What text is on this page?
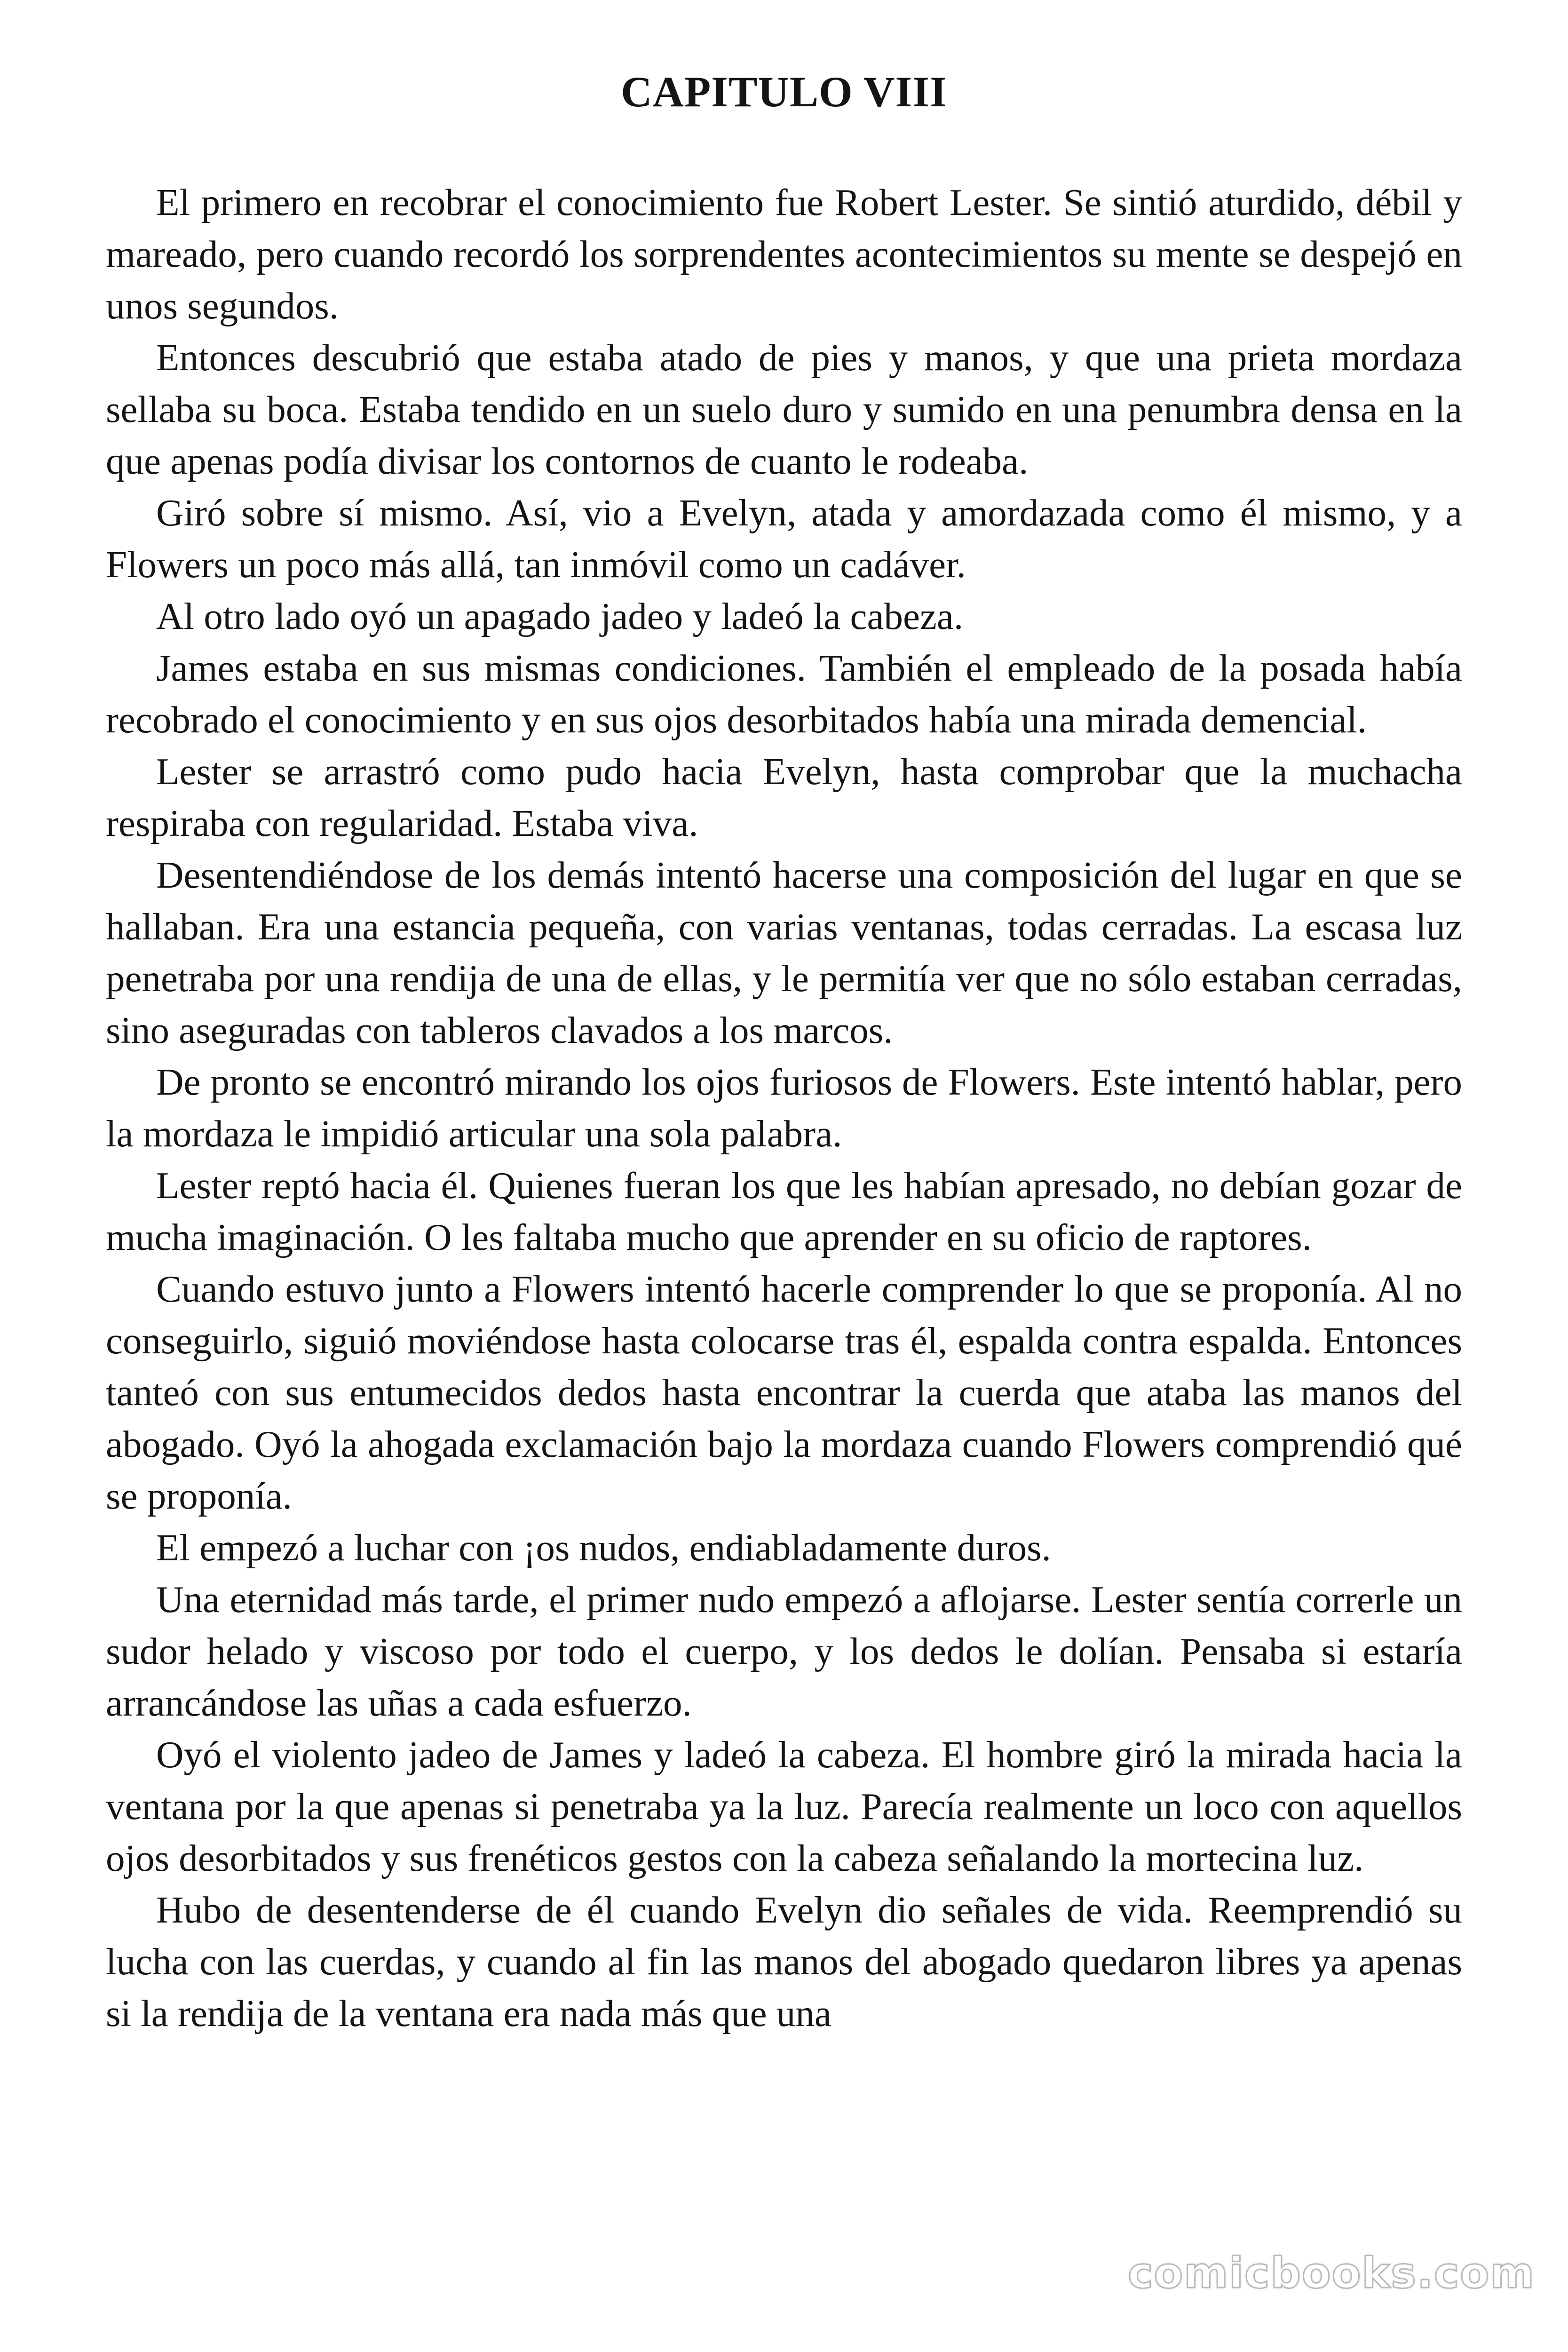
CAPITULO VIII

El primero en recobrar el conocimiento fue Robert Lester. Se sintió aturdido, débil y mareado, pero cuando recordó los sorprendentes acontecimientos su mente se despejó en unos segundos.

Entonces descubrió que estaba atado de pies y manos, y que una prieta mordaza sellaba su boca. Estaba tendido en un suelo duro y sumido en una penumbra densa en la que apenas podía divisar los contornos de cuanto le rodeaba.

Giró sobre sí mismo. Así, vio a Evelyn, atada y amordazada como él mismo, y a Flowers un poco más allá, tan inmóvil como un cadáver.

Al otro lado oyó un apagado jadeo y ladeó la cabeza.

James estaba en sus mismas condiciones. También el empleado de la posada había recobrado el conocimiento y en sus ojos desorbitados había una mirada demencial.

Lester se arrastró como pudo hacia Evelyn, hasta comprobar que la muchacha respiraba con regularidad. Estaba viva.

Desentendiéndose de los demás intentó hacerse una composición del lugar en que se hallaban. Era una estancia pequeña, con varias ventanas, todas cerradas. La escasa luz penetraba por una rendija de una de ellas, y le permitía ver que no sólo estaban cerradas, sino aseguradas con tableros clavados a los marcos.

De pronto se encontró mirando los ojos furiosos de Flowers. Este intentó hablar, pero la mordaza le impidió articular una sola palabra.

Lester reptó hacia él. Quienes fueran los que les habían apresado, no debían gozar de mucha imaginación. O les faltaba mucho que aprender en su oficio de raptores.

Cuando estuvo junto a Flowers intentó hacerle comprender lo que se proponía. Al no conseguirlo, siguió moviéndose hasta colocarse tras él, espalda contra espalda. Entonces tanteó con sus entumecidos dedos hasta encontrar la cuerda que ataba las manos del abogado. Oyó la ahogada exclamación bajo la mordaza cuando Flowers comprendió qué se proponía.

El empezó a luchar con ¡os nudos, endiabladamente duros.

Una eternidad más tarde, el primer nudo empezó a aflojarse. Lester sentía correrle un sudor helado y viscoso por todo el cuerpo, y los dedos le dolían. Pensaba si estaría arrancándose las uñas a cada esfuerzo.

Oyó el violento jadeo de James y ladeó la cabeza. El hombre giró la mirada hacia la ventana por la que apenas si penetraba ya la luz. Parecía realmente un loco con aquellos ojos desorbitados y sus frenéticos gestos con la cabeza señalando la mortecina luz.

Hubo de desentenderse de él cuando Evelyn dio señales de vida. Reemprendió su lucha con las cuerdas, y cuando al fin las manos del abogado quedaron libres ya apenas si la rendija de la ventana era nada más que una

comicbooks.com
